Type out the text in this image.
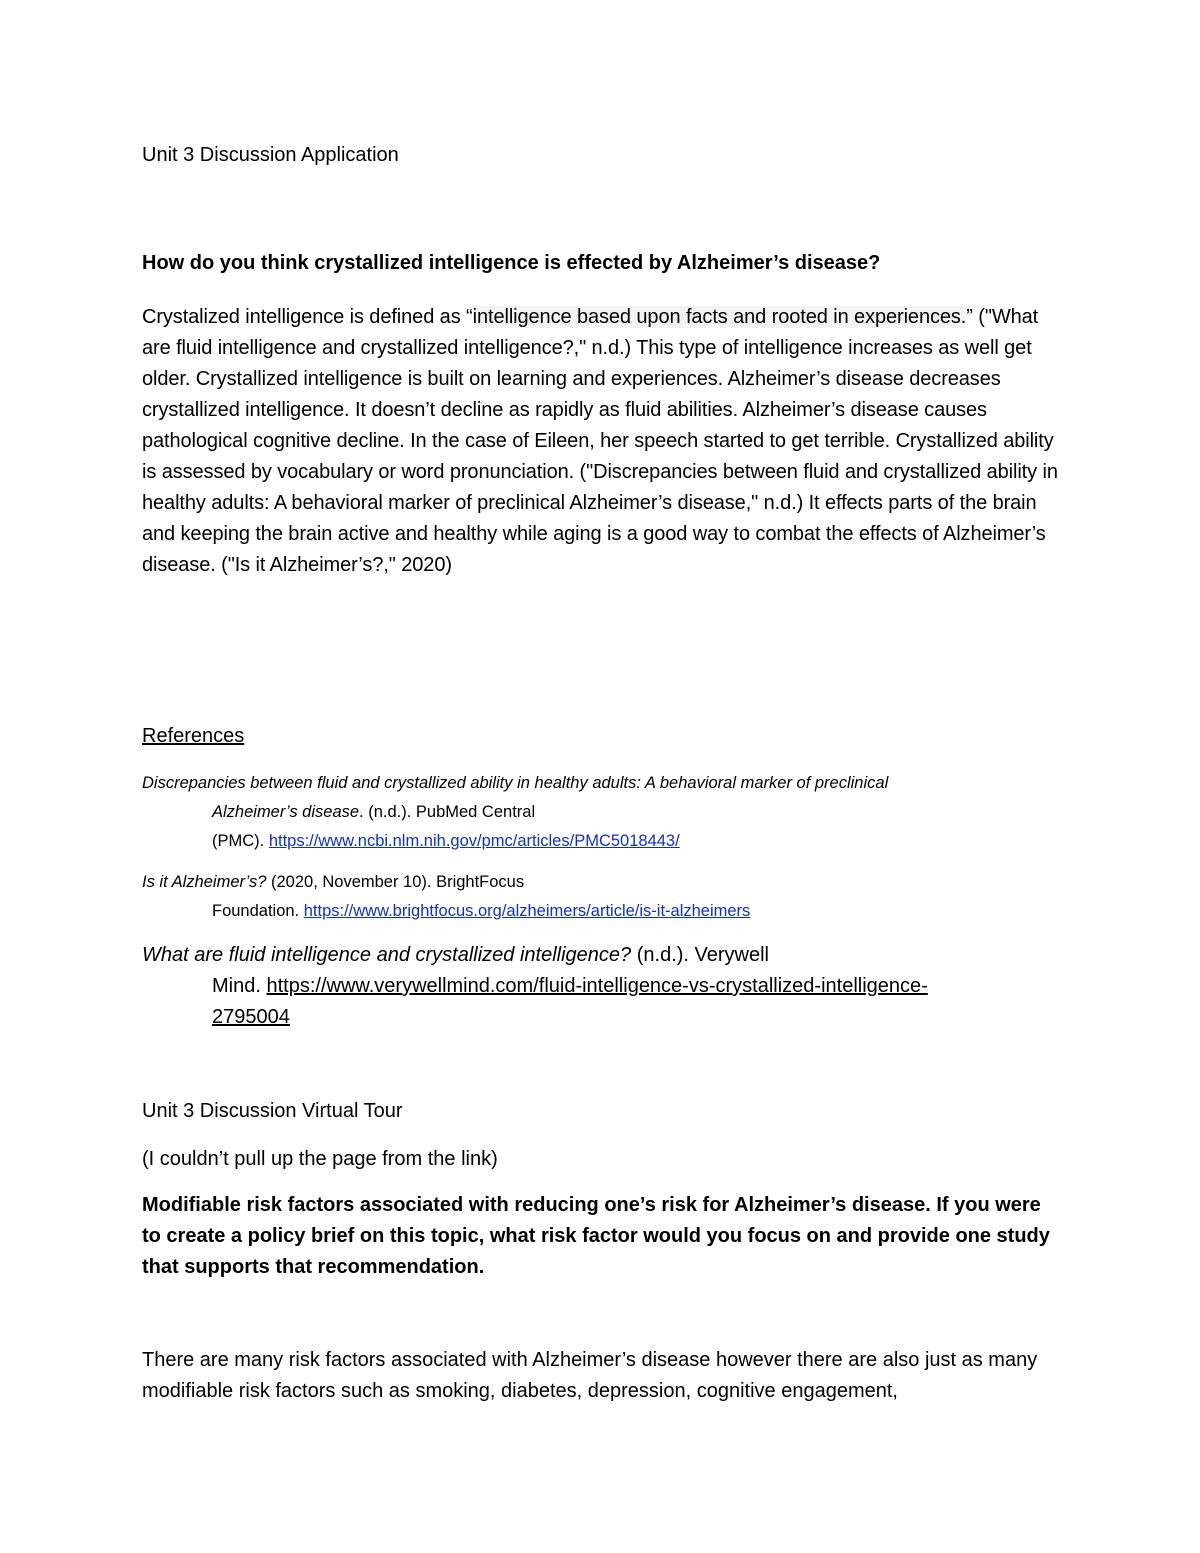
Unit 3 Discussion Application

How do you think crystallized intelligence is effected by Alzheimer’s disease?

Crystalized intelligence is defined as “intelligence based upon facts and rooted in experiences.” ("What are fluid intelligence and crystallized intelligence?," n.d.) This type of intelligence increases as well get older. Crystallized intelligence is built on learning and experiences. Alzheimer’s disease decreases crystallized intelligence. It doesn’t decline as rapidly as fluid abilities. Alzheimer’s disease causes pathological cognitive decline. In the case of Eileen, her speech started to get terrible. Crystallized ability is assessed by vocabulary or word pronunciation. ("Discrepancies between fluid and crystallized ability in healthy adults: A behavioral marker of preclinical Alzheimer’s disease," n.d.) It effects parts of the brain and keeping the brain active and healthy while aging is a good way to combat the effects of Alzheimer’s disease. ("Is it Alzheimer’s?," 2020)

References

Discrepancies between fluid and crystallized ability in healthy adults: A behavioral marker of preclinical
Alzheimer’s disease. (n.d.). PubMed Central
(PMC). https://www.ncbi.nlm.nih.gov/pmc/articles/PMC5018443/
Is it Alzheimer’s? (2020, November 10). BrightFocus
Foundation. https://www.brightfocus.org/alzheimers/article/is-it-alzheimers
What are fluid intelligence and crystallized intelligence? (n.d.). Verywell
Mind. https://www.verywellmind.com/fluid-intelligence-vs-crystallized-intelligence-
2795004

Unit 3 Discussion Virtual Tour

(I couldn’t pull up the page from the link)

Modifiable risk factors associated with reducing one’s risk for Alzheimer’s disease. If you were to create a policy brief on this topic, what risk factor would you focus on and provide one study that supports that recommendation.

There are many risk factors associated with Alzheimer’s disease however there are also just as many modifiable risk factors such as smoking, diabetes, depression, cognitive engagement,
